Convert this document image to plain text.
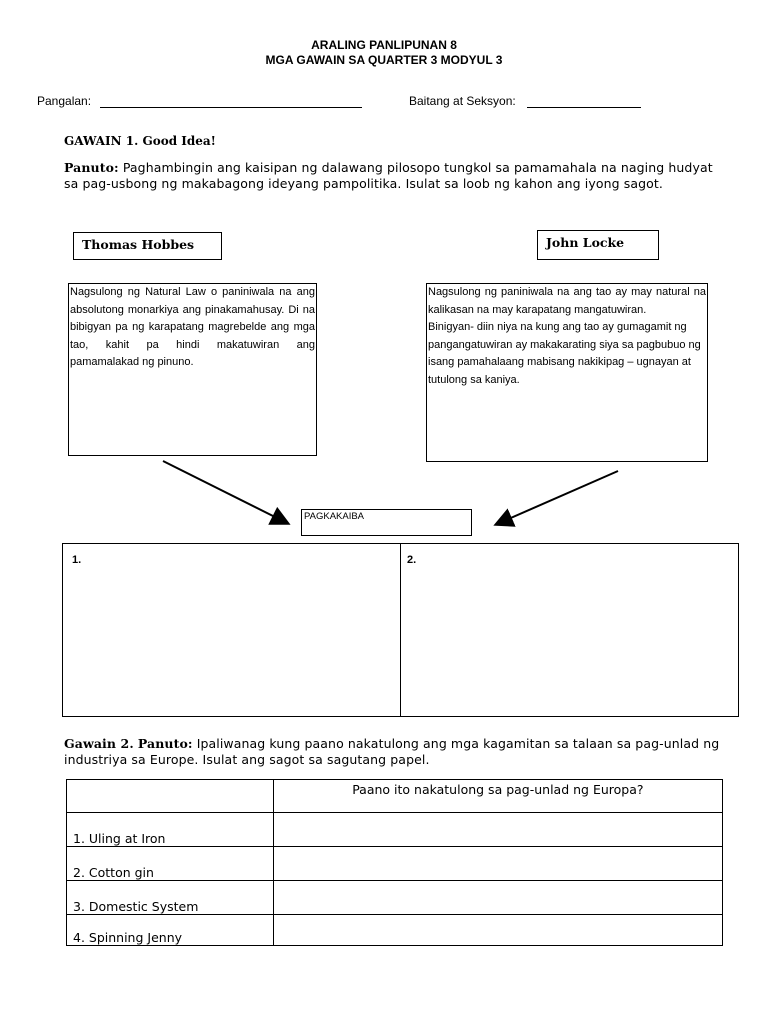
ARALING PANLIPUNAN 8
MGA GAWAIN SA QUARTER 3 MODYUL 3
Pangalan:	Baitang at Seksyon:
GAWAIN 1. Good Idea!
Panuto: Paghambingin ang kaisipan ng dalawang pilosopo tungkol sa pamamahala na naging hudyat sa pag-usbong ng makabagong ideyang pampolitika. Isulat sa loob ng kahon ang iyong sagot.
Thomas Hobbes	John Locke

Nagsulong ng Natural Law o paniniwala na ang absolutong monarkiya ang pinakamahusay. Di na bibigyan pa ng karapatang magrebelde ang mga tao, kahit pa hindi makatuwiran ang pamamalakad ng pinuno.

Nagsulong ng paniniwala na ang tao ay may natural na kalikasan na may karapatang mangatuwiran.

Binigyan- diin niya na kung ang tao ay gumagamit ng pangangatuwiran ay makakarating siya sa pagbubuo ng isang pamahalaang mabisang nakikipag – ugnayan at tutulong sa kaniya.

PAGKAKAIBA
1.	2.
Gawain 2. Panuto: Ipaliwanag kung paano nakatulong ang mga kagamitan sa talaan sa pag-unlad ng industriya sa Europe. Isulat ang sagot sa sagutang papel.
	Paano ito nakatulong sa pag-unlad ng Europa?
1. Uling at Iron	
2. Cotton gin	
3. Domestic System	
4. Spinning Jenny	
